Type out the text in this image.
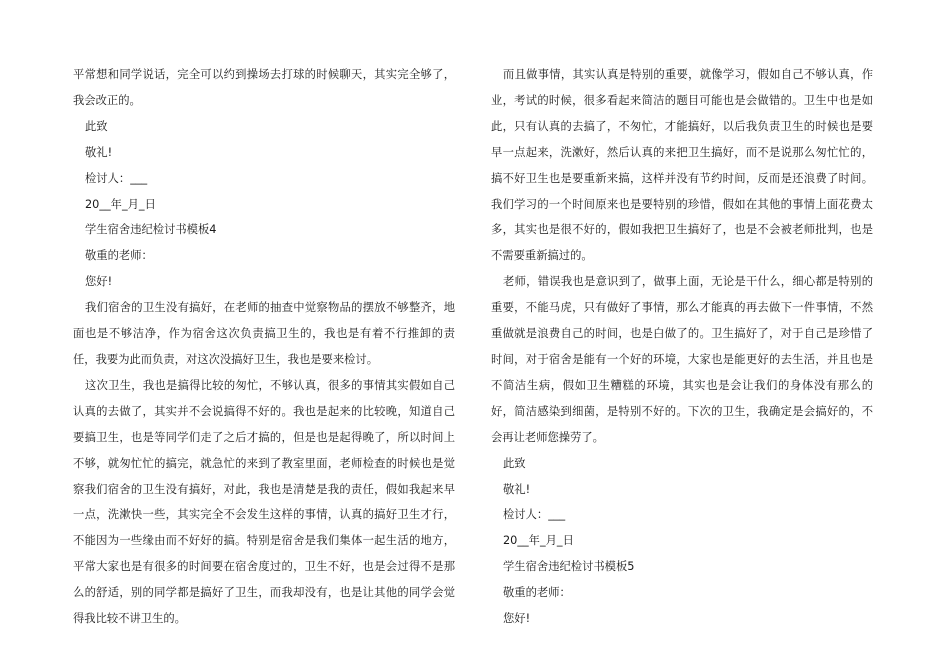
平常想和同学说话，完全可以约到操场去打球的时候聊天，其实完全够了，我会改正的。

此致

敬礼!

检讨人：___

20__年_月_日

学生宿舍违纪检讨书模板4

敬重的老师：

您好!

我们宿舍的卫生没有搞好，在老师的抽查中觉察物品的摆放不够整齐，地面也是不够洁净，作为宿舍这次负责搞卫生的，我也是有着不行推卸的责任，我要为此而负责，对这次没搞好卫生，我也是要来检讨。

这次卫生，我也是搞得比较的匆忙，不够认真，很多的事情其实假如自己认真的去做了，其实并不会说搞得不好的。我也是起来的比较晚，知道自己要搞卫生，也是等同学们走了之后才搞的，但是也是起得晚了，所以时间上不够，就匆忙忙的搞完，就急忙的来到了教室里面，老师检查的时候也是觉察我们宿舍的卫生没有搞好，对此，我也是清楚是我的责任，假如我起来早一点，洗漱快一些，其实完全不会发生这样的事情，认真的搞好卫生才行，不能因为一些缘由而不好好的搞。特别是宿舍是我们集体一起生活的地方，平常大家也是有很多的时间要在宿舍度过的，卫生不好，也是会过得不是那么的舒适，别的同学都是搞好了卫生，而我却没有，也是让其他的同学会觉得我比较不讲卫生的。

而且做事情，其实认真是特别的重要，就像学习，假如自己不够认真，作业，考试的时候，很多看起来简洁的题目可能也是会做错的。卫生中也是如此，只有认真的去搞了，不匆忙，才能搞好，以后我负责卫生的时候也是要早一点起来，洗漱好，然后认真的来把卫生搞好，而不是说那么匆忙忙的，搞不好卫生也是要重新来搞，这样并没有节约时间，反而是还浪费了时间。我们学习的一个时间原来也是要特别的珍惜，假如在其他的事情上面花费太多，其实也是很不好的，假如我把卫生搞好了，也是不会被老师批判，也是不需要重新搞过的。

老师，错误我也是意识到了，做事上面，无论是干什么，细心都是特别的重要，不能马虎，只有做好了事情，那么才能真的再去做下一件事情，不然重做就是浪费自己的时间，也是白做了的。卫生搞好了，对于自己是珍惜了时间，对于宿舍是能有一个好的环境，大家也是能更好的去生活，并且也是不简洁生病，假如卫生糟糕的环境，其实也是会让我们的身体没有那么的好，简洁感染到细菌，是特别不好的。下次的卫生，我确定是会搞好的，不会再让老师您操劳了。

此致

敬礼!

检讨人：___

20__年_月_日

学生宿舍违纪检讨书模板5

敬重的老师：

您好!
